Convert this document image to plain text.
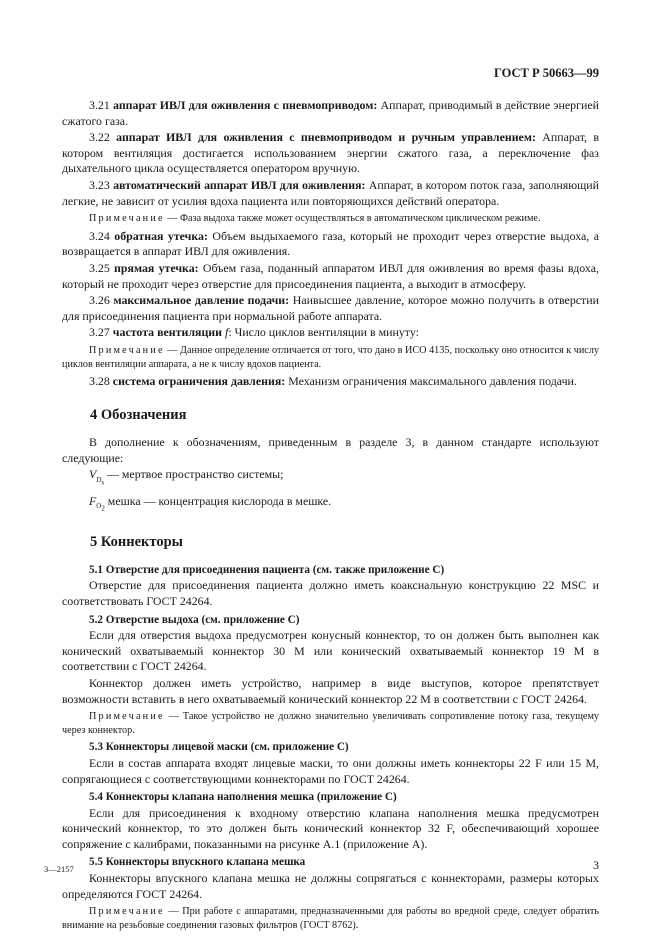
ГОСТ Р 50663—99

3.21 аппарат ИВЛ для оживления с пневмоприводом: Аппарат, приводимый в действие энергией сжатого газа.

3.22 аппарат ИВЛ для оживления с пневмоприводом и ручным управлением: Аппарат, в котором вентиляция достигается использованием энергии сжатого газа, а переключение фаз дыхательного цикла осуществляется оператором вручную.

3.23 автоматический аппарат ИВЛ для оживления: Аппарат, в котором поток газа, заполняющий легкие, не зависит от усилия вдоха пациента или повторяющихся действий оператора.

Примечание — Фаза выдоха также может осуществляться в автоматическом циклическом режиме.

3.24 обратная утечка: Объем выдыхаемого газа, который не проходит через отверстие выдоха, а возвращается в аппарат ИВЛ для оживления.

3.25 прямая утечка: Объем газа, поданный аппаратом ИВЛ для оживления во время фазы вдоха, который не проходит через отверстие для присоединения пациента, а выходит в атмосферу.

3.26 максимальное давление подачи: Наивысшее давление, которое можно получить в отверстии для присоединения пациента при нормальной работе аппарата.

3.27 частота вентиляции f: Число циклов вентиляции в минуту:

Примечание — Данное определение отличается от того, что дано в ИСО 4135, поскольку оно относится к числу циклов вентиляции аппарата, а не к числу вдохов пациента.

3.28 система ограничения давления: Механизм ограничения максимального давления подачи.

4 Обозначения

В дополнение к обозначениям, приведенным в разделе 3, в данном стандарте используют следующие:

$V_{D_s}$ — мертвое пространство системы;

$F_{O_2}$ мешка — концентрация кислорода в мешке.

5 Коннекторы

5.1 Отверстие для присоединения пациента (см. также приложение С)

Отверстие для присоединения пациента должно иметь коаксиальную конструкцию 22 MSC и соответствовать ГОСТ 24264.

5.2 Отверстие выдоха (см. приложение С)

Если для отверстия выдоха предусмотрен конусный коннектор, то он должен быть выполнен как конический охватываемый коннектор 30 М или конический охватываемый коннектор 19 М в соответствии с ГОСТ 24264.

Коннектор должен иметь устройство, например в виде выступов, которое препятствует возможности вставить в него охватываемый конический коннектор 22 М в соответствии с ГОСТ 24264.

Примечание — Такое устройство не должно значительно увеличивать сопротивление потоку газа, текущему через коннектор.

5.3 Коннекторы лицевой маски (см. приложение С)

Если в состав аппарата входят лицевые маски, то они должны иметь коннекторы 22 F или 15 М, сопрягающиеся с соответствующими коннекторами по ГОСТ 24264.

5.4 Коннекторы клапана наполнения мешка (приложение С)

Если для присоединения к входному отверстию клапана наполнения мешка предусмотрен конический коннектор, то это должен быть конический коннектор 32 F, обеспечивающий хорошее сопряжение с калибрами, показанными на рисунке А.1 (приложение А).

5.5 Коннекторы впускного клапана мешка

Коннекторы впускного клапана мешка не должны сопрягаться с коннекторами, размеры которых определяются ГОСТ 24264.

Примечание — При работе с аппаратами, предназначенными для работы во вредной среде, следует обратить внимание на резьбовые соединения газовых фильтров (ГОСТ 8762).

3—2157	3
